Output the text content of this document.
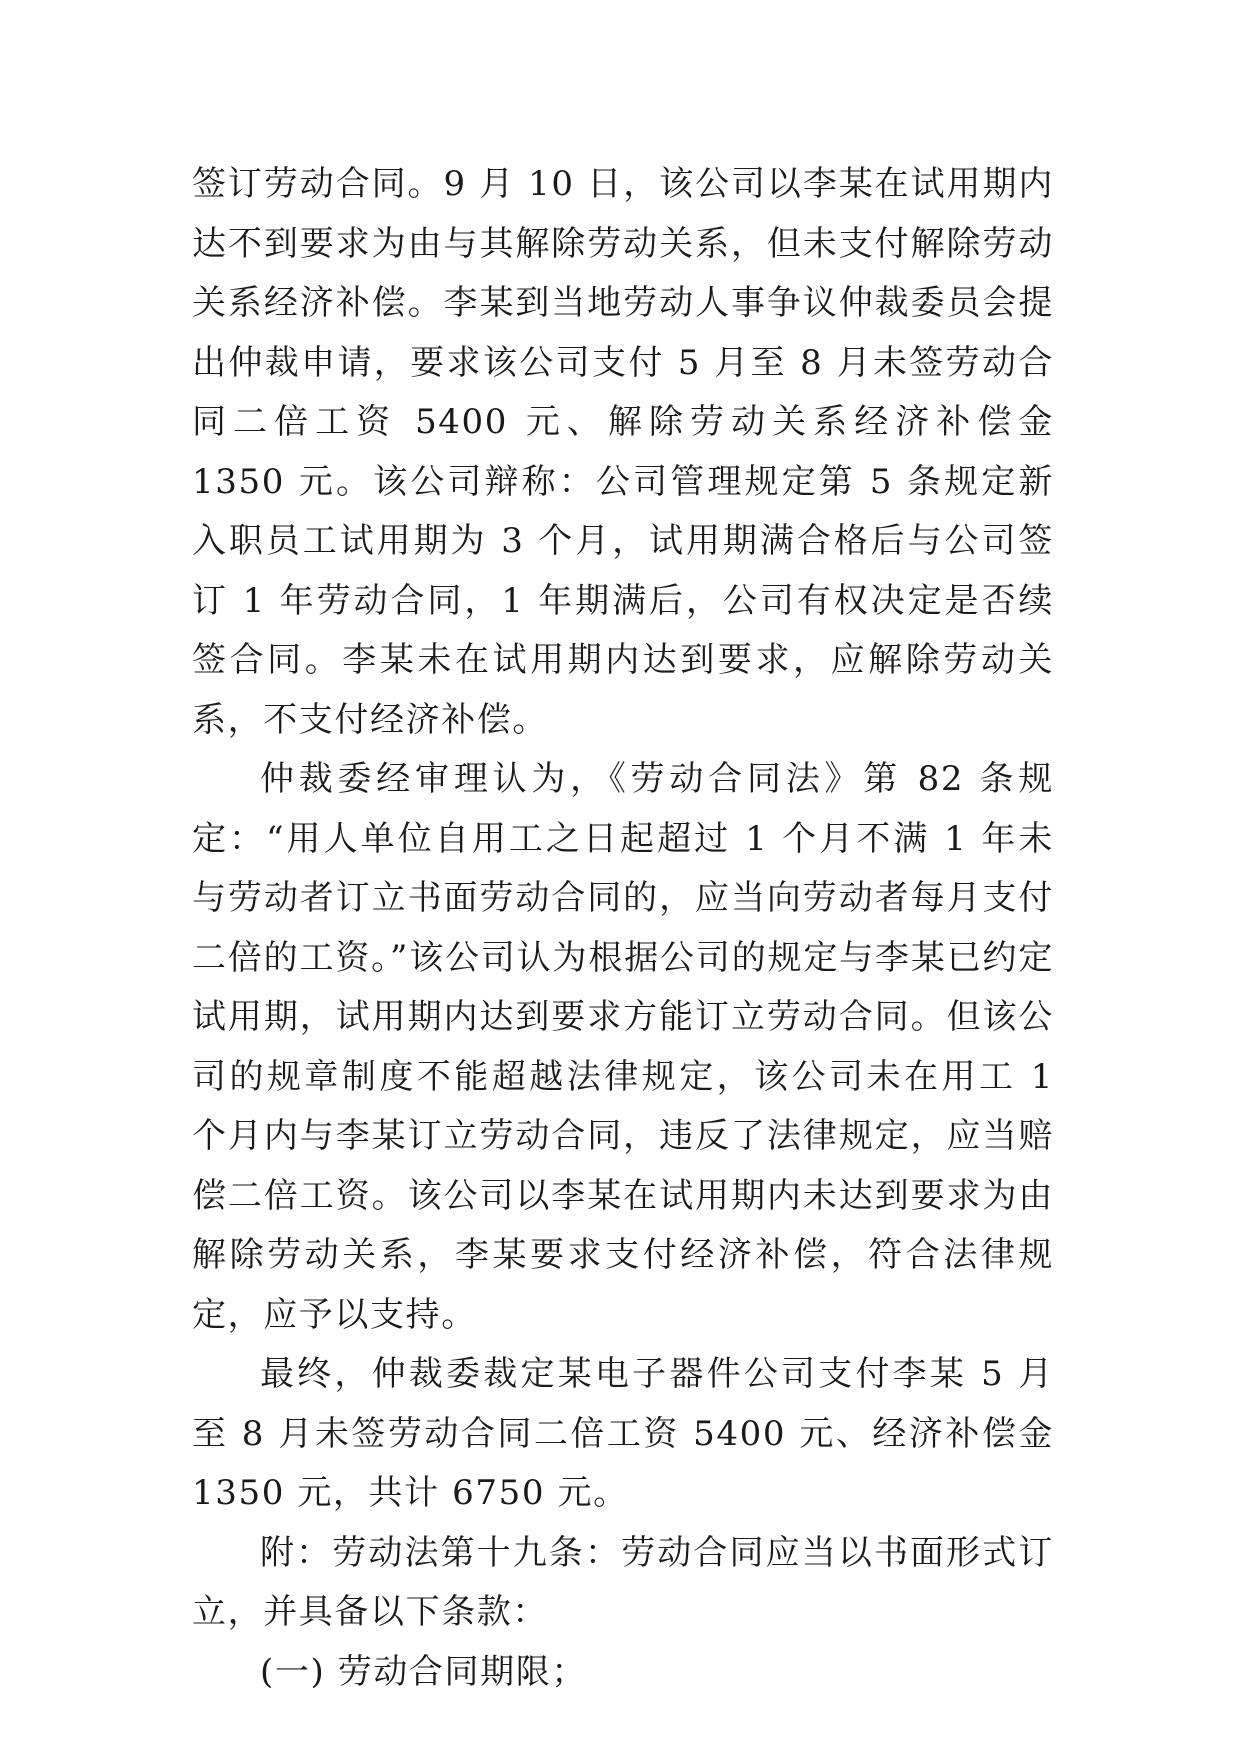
签订劳动合同。9 月 10 日，该公司以李某在试用期内达不到要求为由与其解除劳动关系，但未支付解除劳动关系经济补偿。李某到当地劳动人事争议仲裁委员会提出仲裁申请，要求该公司支付 5 月至 8 月未签劳动合同二倍工资 5400 元、解除劳动关系经济补偿金 1350 元。该公司辩称：公司管理规定第 5 条规定新入职员工试用期为 3 个月，试用期满合格后与公司签订 1 年劳动合同，1 年期满后，公司有权决定是否续签合同。李某未在试用期内达到要求，应解除劳动关系，不支付经济补偿。

仲裁委经审理认为，《劳动合同法》第 82 条规定：“用人单位自用工之日起超过 1 个月不满 1 年未与劳动者订立书面劳动合同的，应当向劳动者每月支付二倍的工资。”该公司认为根据公司的规定与李某已约定试用期，试用期内达到要求方能订立劳动合同。但该公司的规章制度不能超越法律规定，该公司未在用工 1 个月内与李某订立劳动合同，违反了法律规定，应当赔偿二倍工资。该公司以李某在试用期内未达到要求为由解除劳动关系，李某要求支付经济补偿，符合法律规定，应予以支持。

最终，仲裁委裁定某电子器件公司支付李某 5 月至 8 月未签劳动合同二倍工资 5400 元、经济补偿金 1350 元，共计 6750 元。

附：劳动法第十九条：劳动合同应当以书面形式订立，并具备以下条款：

(一) 劳动合同期限；
